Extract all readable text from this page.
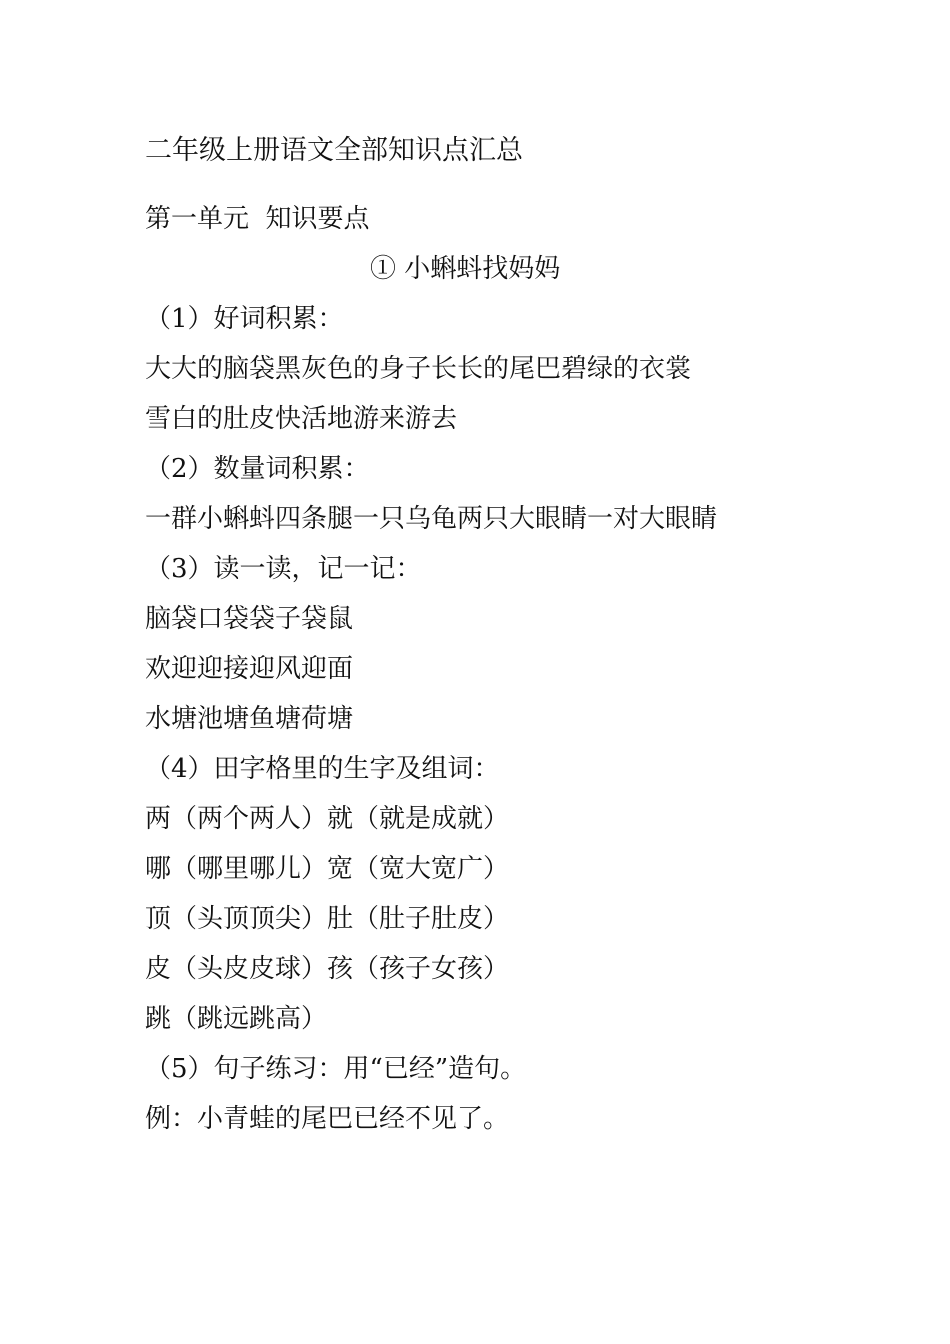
二年级上册语文全部知识点汇总
第一单元  知识要点
① 小蝌蚪找妈妈
（1）好词积累：
大大的脑袋黑灰色的身子长长的尾巴碧绿的衣裳
雪白的肚皮快活地游来游去
（2）数量词积累：
一群小蝌蚪四条腿一只乌龟两只大眼睛一对大眼睛
（3）读一读，记一记：
脑袋口袋袋子袋鼠
欢迎迎接迎风迎面
水塘池塘鱼塘荷塘
（4）田字格里的生字及组词：
两（两个两人）就（就是成就）
哪（哪里哪儿）宽（宽大宽广）
顶（头顶顶尖）肚（肚子肚皮）
皮（头皮皮球）孩（孩子女孩）
跳（跳远跳高）
（5）句子练习：用“已经”造句。
例：小青蛙的尾巴已经不见了。
